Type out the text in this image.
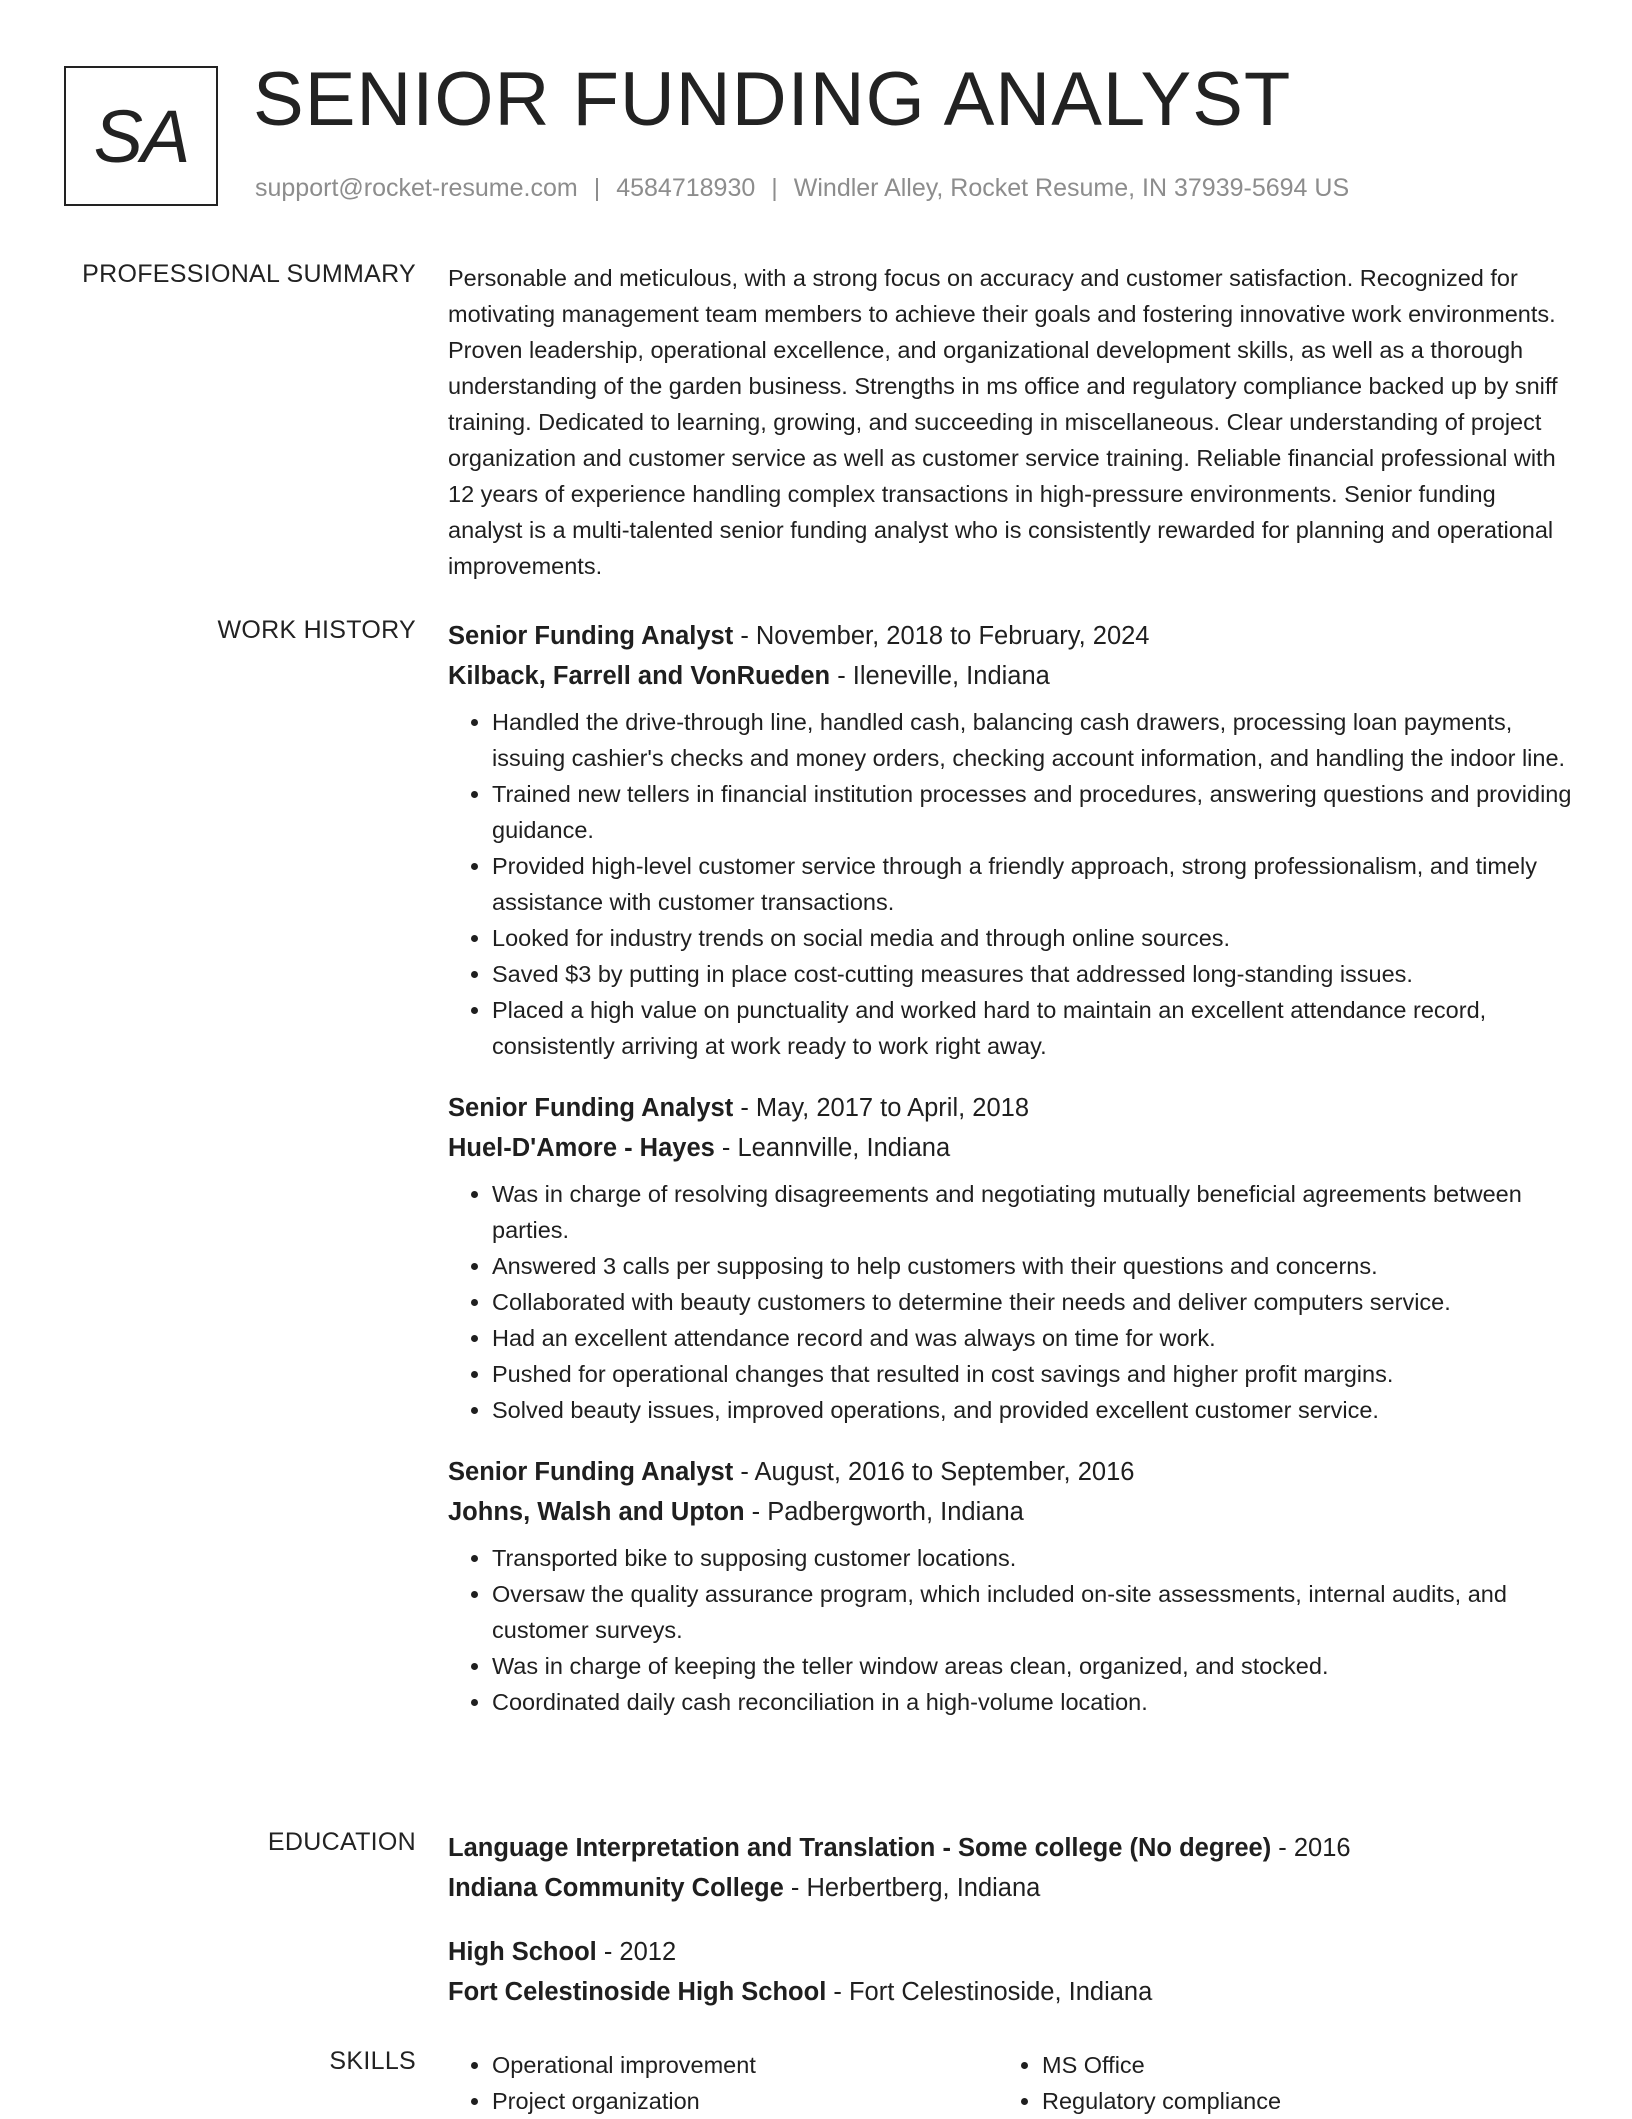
SA SENIOR FUNDING ANALYST
support@rocket-resume.com | 4584718930 | Windler Alley, Rocket Resume, IN 37939-5694 US
PROFESSIONAL SUMMARY Personable and meticulous, with a strong focus on accuracy and customer satisfaction. Recognized for motivating management team members to achieve their goals and fostering innovative work environments. Proven leadership, operational excellence, and organizational development skills, as well as a thorough understanding of the garden business. Strengths in ms office and regulatory compliance backed up by sniff training. Dedicated to learning, growing, and succeeding in miscellaneous. Clear understanding of project organization and customer service as well as customer service training. Reliable financial professional with 12 years of experience handling complex transactions in high-pressure environments. Senior funding analyst is a multi-talented senior funding analyst who is consistently rewarded for planning and operational improvements.

WORK HISTORY Senior Funding Analyst - November, 2018 to February, 2024
Kilback, Farrell and VonRueden - Ileneville, Indiana
• Handled the drive-through line, handled cash, balancing cash drawers, processing loan payments, issuing cashier's checks and money orders, checking account information, and handling the indoor line.
• Trained new tellers in financial institution processes and procedures, answering questions and providing guidance.
• Provided high-level customer service through a friendly approach, strong professionalism, and timely assistance with customer transactions.
• Looked for industry trends on social media and through online sources.
• Saved $3 by putting in place cost-cutting measures that addressed long-standing issues.
• Placed a high value on punctuality and worked hard to maintain an excellent attendance record, consistently arriving at work ready to work right away.
Senior Funding Analyst - May, 2017 to April, 2018
Huel-D'Amore - Hayes - Leannville, Indiana
• Was in charge of resolving disagreements and negotiating mutually beneficial agreements between parties.
• Answered 3 calls per supposing to help customers with their questions and concerns.
• Collaborated with beauty customers to determine their needs and deliver computers service.
• Had an excellent attendance record and was always on time for work.
• Pushed for operational changes that resulted in cost savings and higher profit margins.
• Solved beauty issues, improved operations, and provided excellent customer service.
Senior Funding Analyst - August, 2016 to September, 2016
Johns, Walsh and Upton - Padbergworth, Indiana
• Transported bike to supposing customer locations.
• Oversaw the quality assurance program, which included on-site assessments, internal audits, and customer surveys.
• Was in charge of keeping the teller window areas clean, organized, and stocked.
• Coordinated daily cash reconciliation in a high-volume location.
EDUCATION Language Interpretation and Translation - Some college (No degree) - 2016
Indiana Community College - Herbertberg, Indiana
High School - 2012
Fort Celestinoside High School - Fort Celestinoside, Indiana
SKILLS
•	Operational improvement
• Project organization
• MS Office
• Regulatory compliance
